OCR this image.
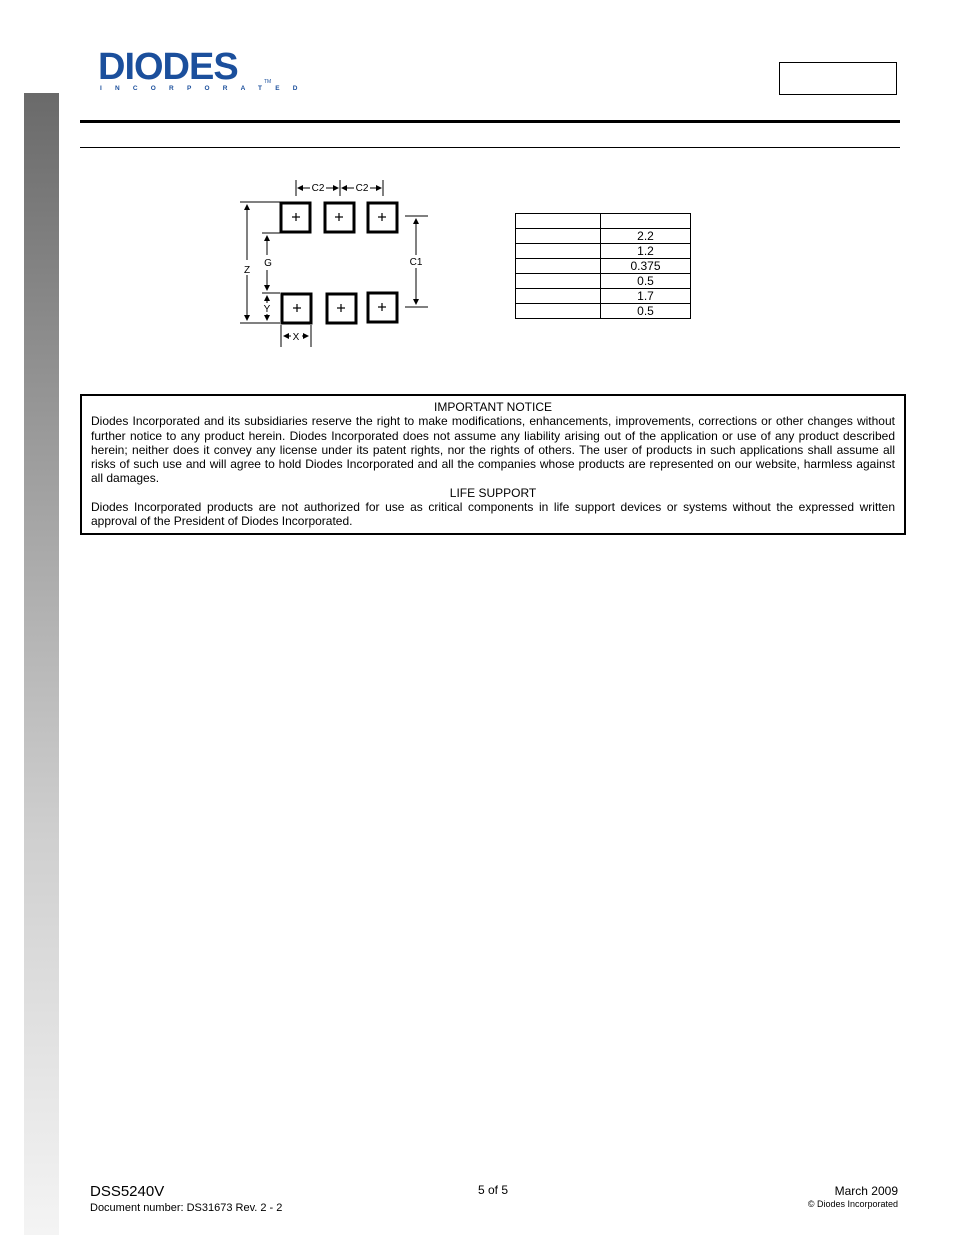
DIODES
INCORPORATED
TM
C2	C2
Z
G
Y
C1
X

	2.2
	1.2
	0.375
	0.5
	1.7
	0.5
IMPORTANT NOTICE
Diodes Incorporated and its subsidiaries reserve the right to make modifications, enhancements, improvements, corrections or other changes without further notice to any product herein. Diodes Incorporated does not assume any liability arising out of the application or use of any product described herein; neither does it convey any license under its patent rights, nor the rights of others. The user of products in such applications shall assume all risks of such use and will agree to hold Diodes Incorporated and all the companies whose products are represented on our website, harmless against all damages.
LIFE SUPPORT
Diodes Incorporated products are not authorized for use as critical components in life support devices or systems without the expressed written approval of the President of Diodes Incorporated.
DSS5240V
Document number: DS31673 Rev. 2 - 2
5 of 5	March 2009
© Diodes Incorporated
